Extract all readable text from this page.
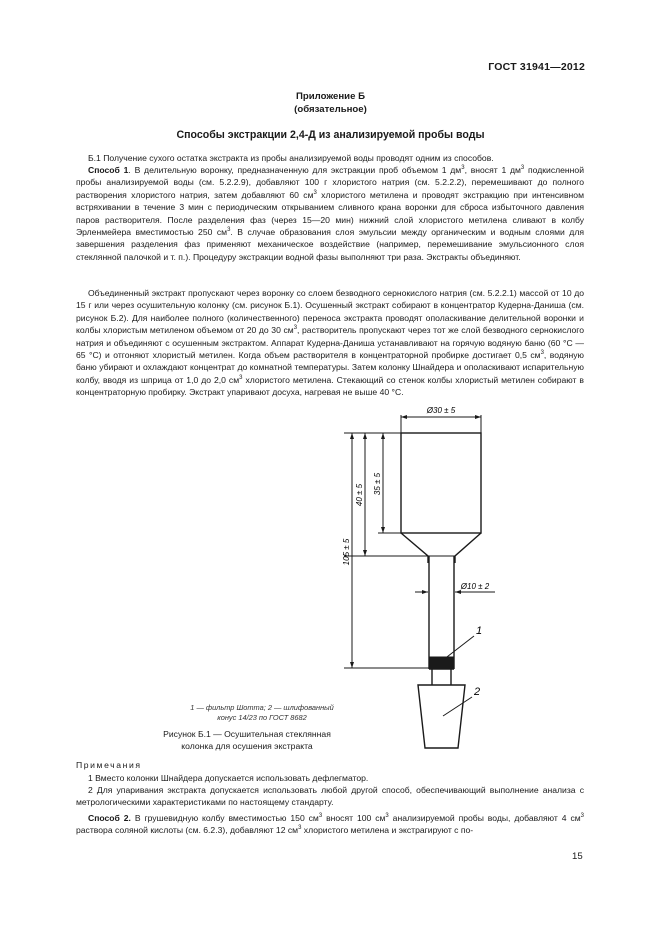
ГОСТ 31941—2012
Приложение Б
(обязательное)
Способы экстракции 2,4-Д из анализируемой пробы воды

Б.1 Получение сухого остатка экстракта из пробы анализируемой воды проводят одним из способов.

Способ 1. В делительную воронку, предназначенную для экстракции проб объемом 1 $дм^3$, вносят 1 $дм^3$ подкисленной пробы анализируемой воды (см. 5.2.2.9), добавляют 100 г хлористого натрия (см. 5.2.2.2), перемешивают до полного растворения хлористого натрия, затем добавляют 60 $см^3$ хлористого метилена и проводят экстракцию при интенсивном встряхивании в течение 3 мин с периодическим открыванием сливного крана воронки для сброса избыточного давления паров растворителя. После разделения фаз (через 15—20 мин) нижний слой хлористого метилена сливают в колбу Эрленмейера вместимостью 250 $см^3$. В случае образования слоя эмульсии между органическим и водным слоями для завершения разделения фаз применяют механическое воздействие (например, перемешивание эмульсионного слоя стеклянной палочкой и т. п.). Процедуру экстракции водной фазы выполняют три раза. Экстракты объединяют.

Объединенный экстракт пропускают через воронку со слоем безводного сернокислого натрия (см. 5.2.2.1) массой от 10 до 15 г или через осушительную колонку (см. рисунок Б.1). Осушенный экстракт собирают в концентратор Кудерна-Даниша (см. рисунок Б.2). Для наиболее полного (количественного) переноса экстракта проводят ополаскивание делительной воронки и колбы хлористым метиленом объемом от 20 до 30 $см^3$, растворитель пропускают через тот же слой безводного сернокислого натрия и объединяют с осушенным экстрактом. Аппарат Кудерна-Даниша устанавливают на горячую водяную баню (60 °С — 65 °С) и отгоняют хлористый метилен. Когда объем растворителя в концентраторной пробирке достигает 0,5 $см^3$, водяную баню убирают и охлаждают концентрат до комнатной температуры. Затем колонку Шнайдера и ополаскивают испарительную колбу, вводя из шприца от 1,0 до 2,0 $см^3$ хлористого метилена. Стекающий со стенок колбы хлористый метилен собирают в концентраторную пробирку. Экстракт упаривают досуха, нагревая не выше 40 °С.

Ø30 ± 5
105 ± 5
40 ± 5 35 ± 5
Ø10 ± 2
1
2
1 — фильтр Шотта; 2 — шлифованный
конус 14/23 по ГОСТ 8682
Рисунок Б.1 — Осушительная стеклянная
колонка для осушения экстракта
Примечания

1 Вместо колонки Шнайдера допускается использовать дефлегматор.

2 Для упаривания экстракта допускается использовать любой другой способ, обеспечивающий выполнение анализа с метрологическими характеристиками по настоящему стандарту.

Способ 2. В грушевидную колбу вместимостью 150 $см^3$ вносят 100 $см^3$ анализируемой пробы воды, добавляют 4 $см^3$ раствора соляной кислоты (см. 6.2.3), добавляют 12 $см^3$ хлористого метилена и экстрагируют с по-

15
